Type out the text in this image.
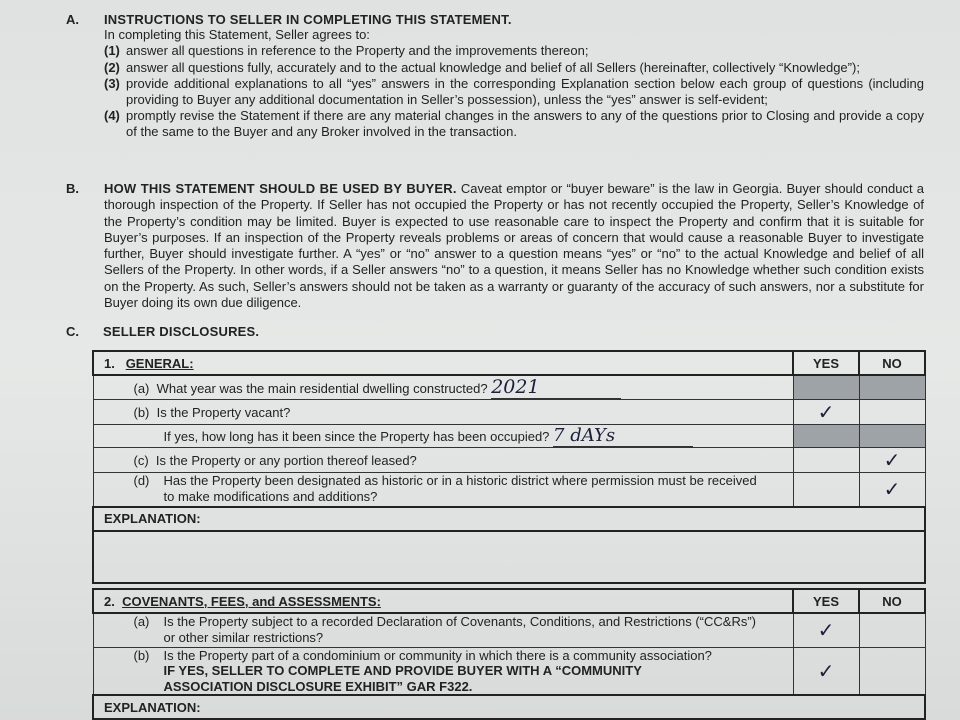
A. INSTRUCTIONS TO SELLER IN COMPLETING THIS STATEMENT.
In completing this Statement, Seller agrees to:
(1) answer all questions in reference to the Property and the improvements thereon;
(2) answer all questions fully, accurately and to the actual knowledge and belief of all Sellers (hereinafter, collectively “Knowledge”);
(3) provide additional explanations to all “yes” answers in the corresponding Explanation section below each group of questions (including providing to Buyer any additional documentation in Seller’s possession), unless the “yes” answer is self-evident;
(4) promptly revise the Statement if there are any material changes in the answers to any of the questions prior to Closing and provide a copy of the same to the Buyer and any Broker involved in the transaction.
B. HOW THIS STATEMENT SHOULD BE USED BY BUYER. Caveat emptor or “buyer beware” is the law in Georgia. Buyer should conduct a thorough inspection of the Property. If Seller has not occupied the Property or has not recently occupied the Property, Seller’s Knowledge of the Property’s condition may be limited. Buyer is expected to use reasonable care to inspect the Property and confirm that it is suitable for Buyer’s purposes. If an inspection of the Property reveals problems or areas of concern that would cause a reasonable Buyer to investigate further, Buyer should investigate further. A “yes” or “no” answer to a question means “yes” or “no” to the actual Knowledge and belief of all Sellers of the Property. In other words, if a Seller answers “no” to a question, it means Seller has no Knowledge whether such condition exists on the Property. As such, Seller’s answers should not be taken as a warranty or guaranty of the accuracy of such answers, nor a substitute for Buyer doing its own due diligence.
C. SELLER DISCLOSURES.
1. GENERAL:	YES	NO
(a) What year was the main residential dwelling constructed? 2021		
(b) Is the Property vacant?	✓	
If yes, how long has it been since the Property has been occupied? 7 dAYs		
(c) Is the Property or any portion thereof leased?		✓

(d) Has the Property been designated as historic or in a historic district where permission must be received to make modifications and additions?		✓
EXPLANATION:		

2. COVENANTS, FEES, and ASSESSMENTS:	YES	NO

(a) Is the Property subject to a recorded Declaration of Covenants, Conditions, and Restrictions (“CC&Rs”) or other similar restrictions?	✓	

(b) Is the Property part of a condominium or community in which there is a community association?
IF YES, SELLER TO COMPLETE AND PROVIDE BUYER WITH A “COMMUNITY ASSOCIATION DISCLOSURE EXHIBIT” GAR F322.	✓	
EXPLANATION:		
